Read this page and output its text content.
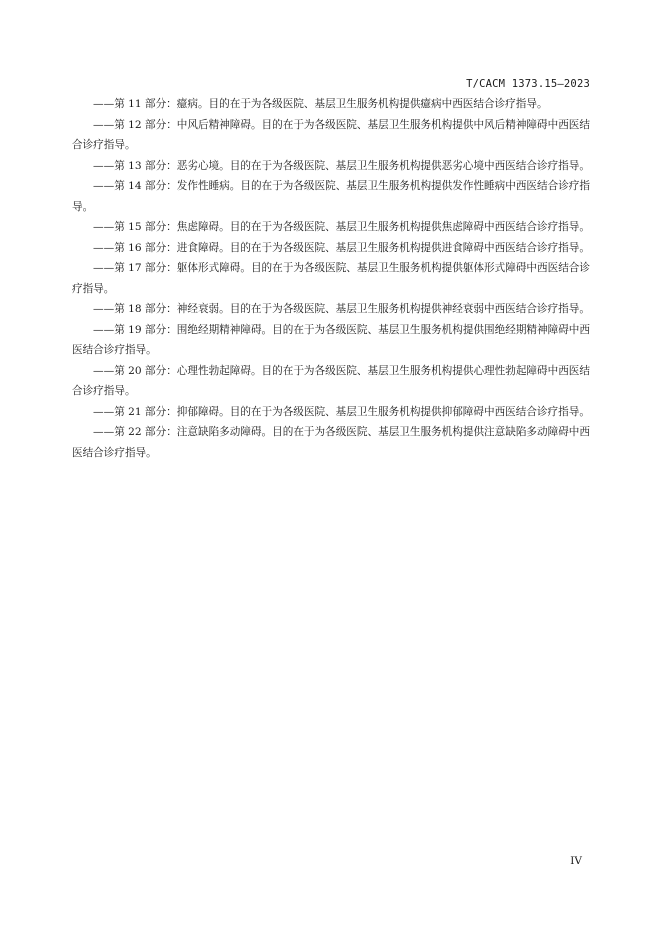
T/CACM 1373.15—2023

——第 11 部分：癔病。目的在于为各级医院、基层卫生服务机构提供癔病中西医结合诊疗指导。

——第 12 部分：中风后精神障碍。目的在于为各级医院、基层卫生服务机构提供中风后精神障碍中西医结合诊疗指导。

——第 13 部分：恶劣心境。目的在于为各级医院、基层卫生服务机构提供恶劣心境中西医结合诊疗指导。

——第 14 部分：发作性睡病。目的在于为各级医院、基层卫生服务机构提供发作性睡病中西医结合诊疗指导。

——第 15 部分：焦虑障碍。目的在于为各级医院、基层卫生服务机构提供焦虑障碍中西医结合诊疗指导。

——第 16 部分：进食障碍。目的在于为各级医院、基层卫生服务机构提供进食障碍中西医结合诊疗指导。

——第 17 部分：躯体形式障碍。目的在于为各级医院、基层卫生服务机构提供躯体形式障碍中西医结合诊疗指导。

——第 18 部分：神经衰弱。目的在于为各级医院、基层卫生服务机构提供神经衰弱中西医结合诊疗指导。

——第 19 部分：围绝经期精神障碍。目的在于为各级医院、基层卫生服务机构提供围绝经期精神障碍中西医结合诊疗指导。

——第 20 部分：心理性勃起障碍。目的在于为各级医院、基层卫生服务机构提供心理性勃起障碍中西医结合诊疗指导。

——第 21 部分：抑郁障碍。目的在于为各级医院、基层卫生服务机构提供抑郁障碍中西医结合诊疗指导。

——第 22 部分：注意缺陷多动障碍。目的在于为各级医院、基层卫生服务机构提供注意缺陷多动障碍中西医结合诊疗指导。

IV
